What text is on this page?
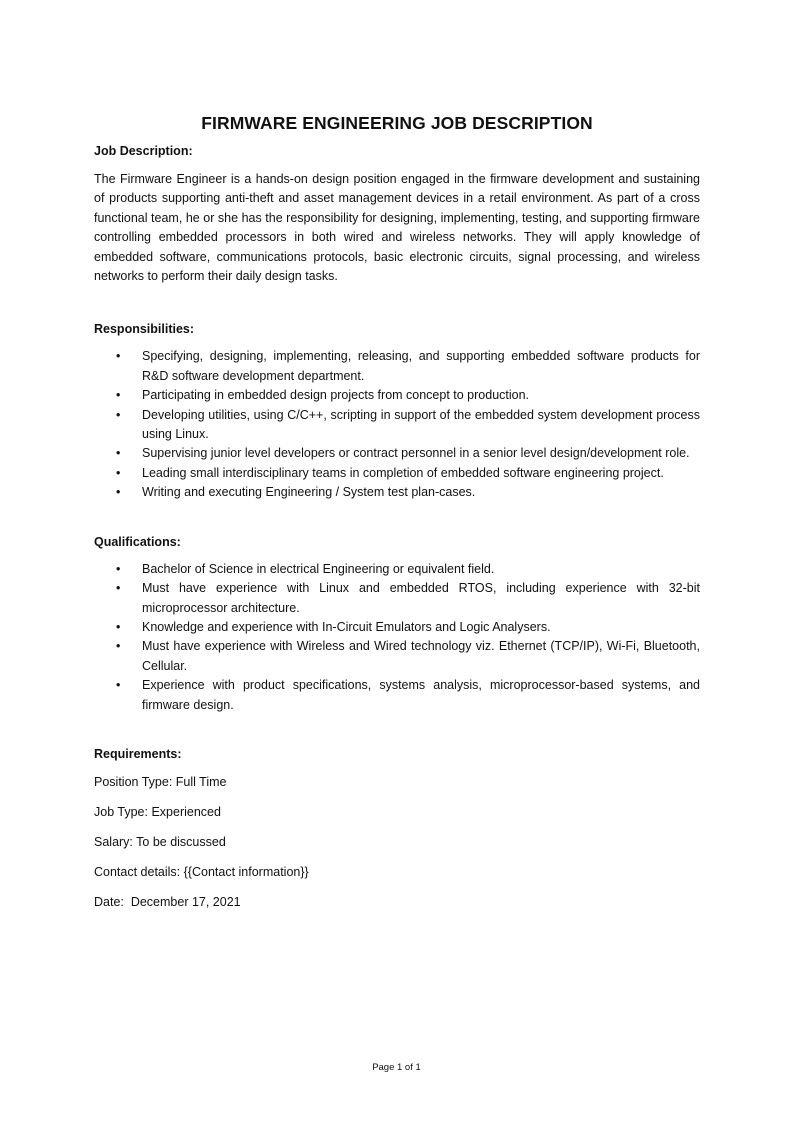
FIRMWARE ENGINEERING JOB DESCRIPTION

Job Description:

The Firmware Engineer is a hands-on design position engaged in the firmware development and sustaining of products supporting anti-theft and asset management devices in a retail environment. As part of a cross functional team, he or she has the responsibility for designing, implementing, testing, and supporting firmware controlling embedded processors in both wired and wireless networks. They will apply knowledge of embedded software, communications protocols, basic electronic circuits, signal processing, and wireless networks to perform their daily design tasks.

Responsibilities:

• Specifying, designing, implementing, releasing, and supporting embedded software products for R&D software development department.
• Participating in embedded design projects from concept to production.
• Developing utilities, using C/C++, scripting in support of the embedded system development process using Linux.
• Supervising junior level developers or contract personnel in a senior level design/development role.
• Leading small interdisciplinary teams in completion of embedded software engineering project.
• Writing and executing Engineering / System test plan-cases.

Qualifications:

• Bachelor of Science in electrical Engineering or equivalent field.
• Must have experience with Linux and embedded RTOS, including experience with 32-bit microprocessor architecture.
• Knowledge and experience with In-Circuit Emulators and Logic Analysers.
• Must have experience with Wireless and Wired technology viz. Ethernet (TCP/IP), Wi-Fi, Bluetooth, Cellular.
• Experience with product specifications, systems analysis, microprocessor-based systems, and firmware design.

Requirements:

Position Type: Full Time

Job Type: Experienced

Salary: To be discussed

Contact details: {{Contact information}}

Date:  December 17, 2021

Page 1 of 1
